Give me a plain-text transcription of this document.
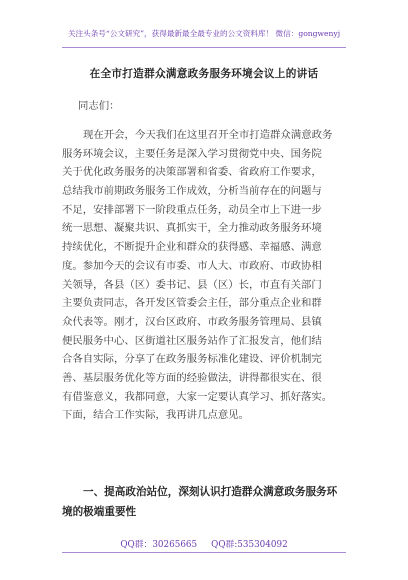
关注头条号“公文研究”，获得最新最全最专业的公文资料库！ 微信：gongwenyj
在全市打造群众满意政务服务环境会议上的讲话
同志们：
现在开会，今天我们在这里召开全市打造群众满意政务
服务环境会议，主要任务是深入学习贯彻党中央、国务院
关于优化政务服务的决策部署和省委、省政府工作要求，
总结我市前期政务服务工作成效，分析当前存在的问题与
不足，安排部署下一阶段重点任务，动员全市上下进一步
统一思想、凝聚共识、真抓实干，全力推动政务服务环境
持续优化，不断提升企业和群众的获得感、幸福感、满意
度。参加今天的会议有市委、市人大、市政府、市政协相
关领导，各县（区）委书记、县（区）长，市直有关部门
主要负责同志，各开发区管委会主任，部分重点企业和群
众代表等。刚才，汉台区政府、市政务服务管理局、县镇
便民服务中心、区街道社区服务站作了汇报发言，他们结
合各自实际，分享了在政务服务标准化建设、评价机制完
善、基层服务优化等方面的经验做法，讲得都很实在、很
有借鉴意义，我都同意，大家一定要认真学习、抓好落实。
下面，结合工作实际，我再讲几点意见。
一、提高政治站位，深刻认识打造群众满意政务服务环
境的极端重要性
QQ群：30265665 QQ群:535304092
